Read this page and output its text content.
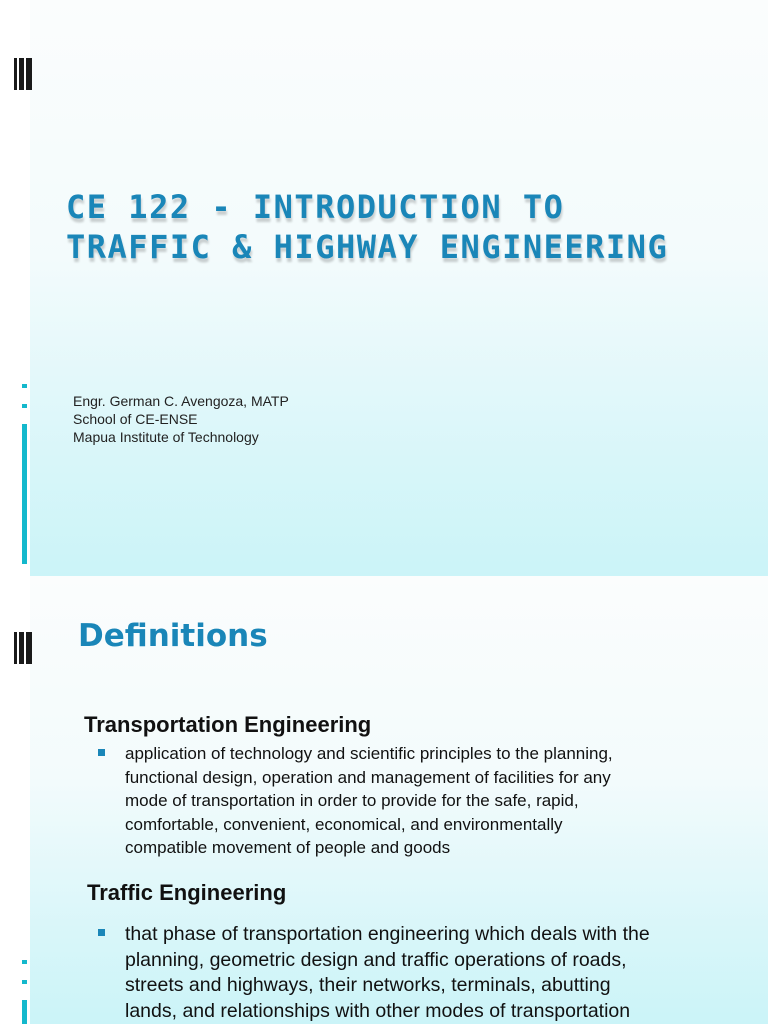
CE 122 - INTRODUCTION TO
TRAFFIC & HIGHWAY ENGINEERING

Engr. German C. Avengoza, MATP
School of CE-ENSE
Mapua Institute of Technology

Definitions
Transportation Engineering
application of technology and scientific principles to the planning,
functional design, operation and management of facilities for any
mode of transportation in order to provide for the safe, rapid,
comfortable, convenient, economical, and environmentally
compatible movement of people and goods
Traffic Engineering
that phase of transportation engineering which deals with the
planning, geometric design and traffic operations of roads,
streets and highways, their networks, terminals, abutting
lands, and relationships with other modes of transportation
